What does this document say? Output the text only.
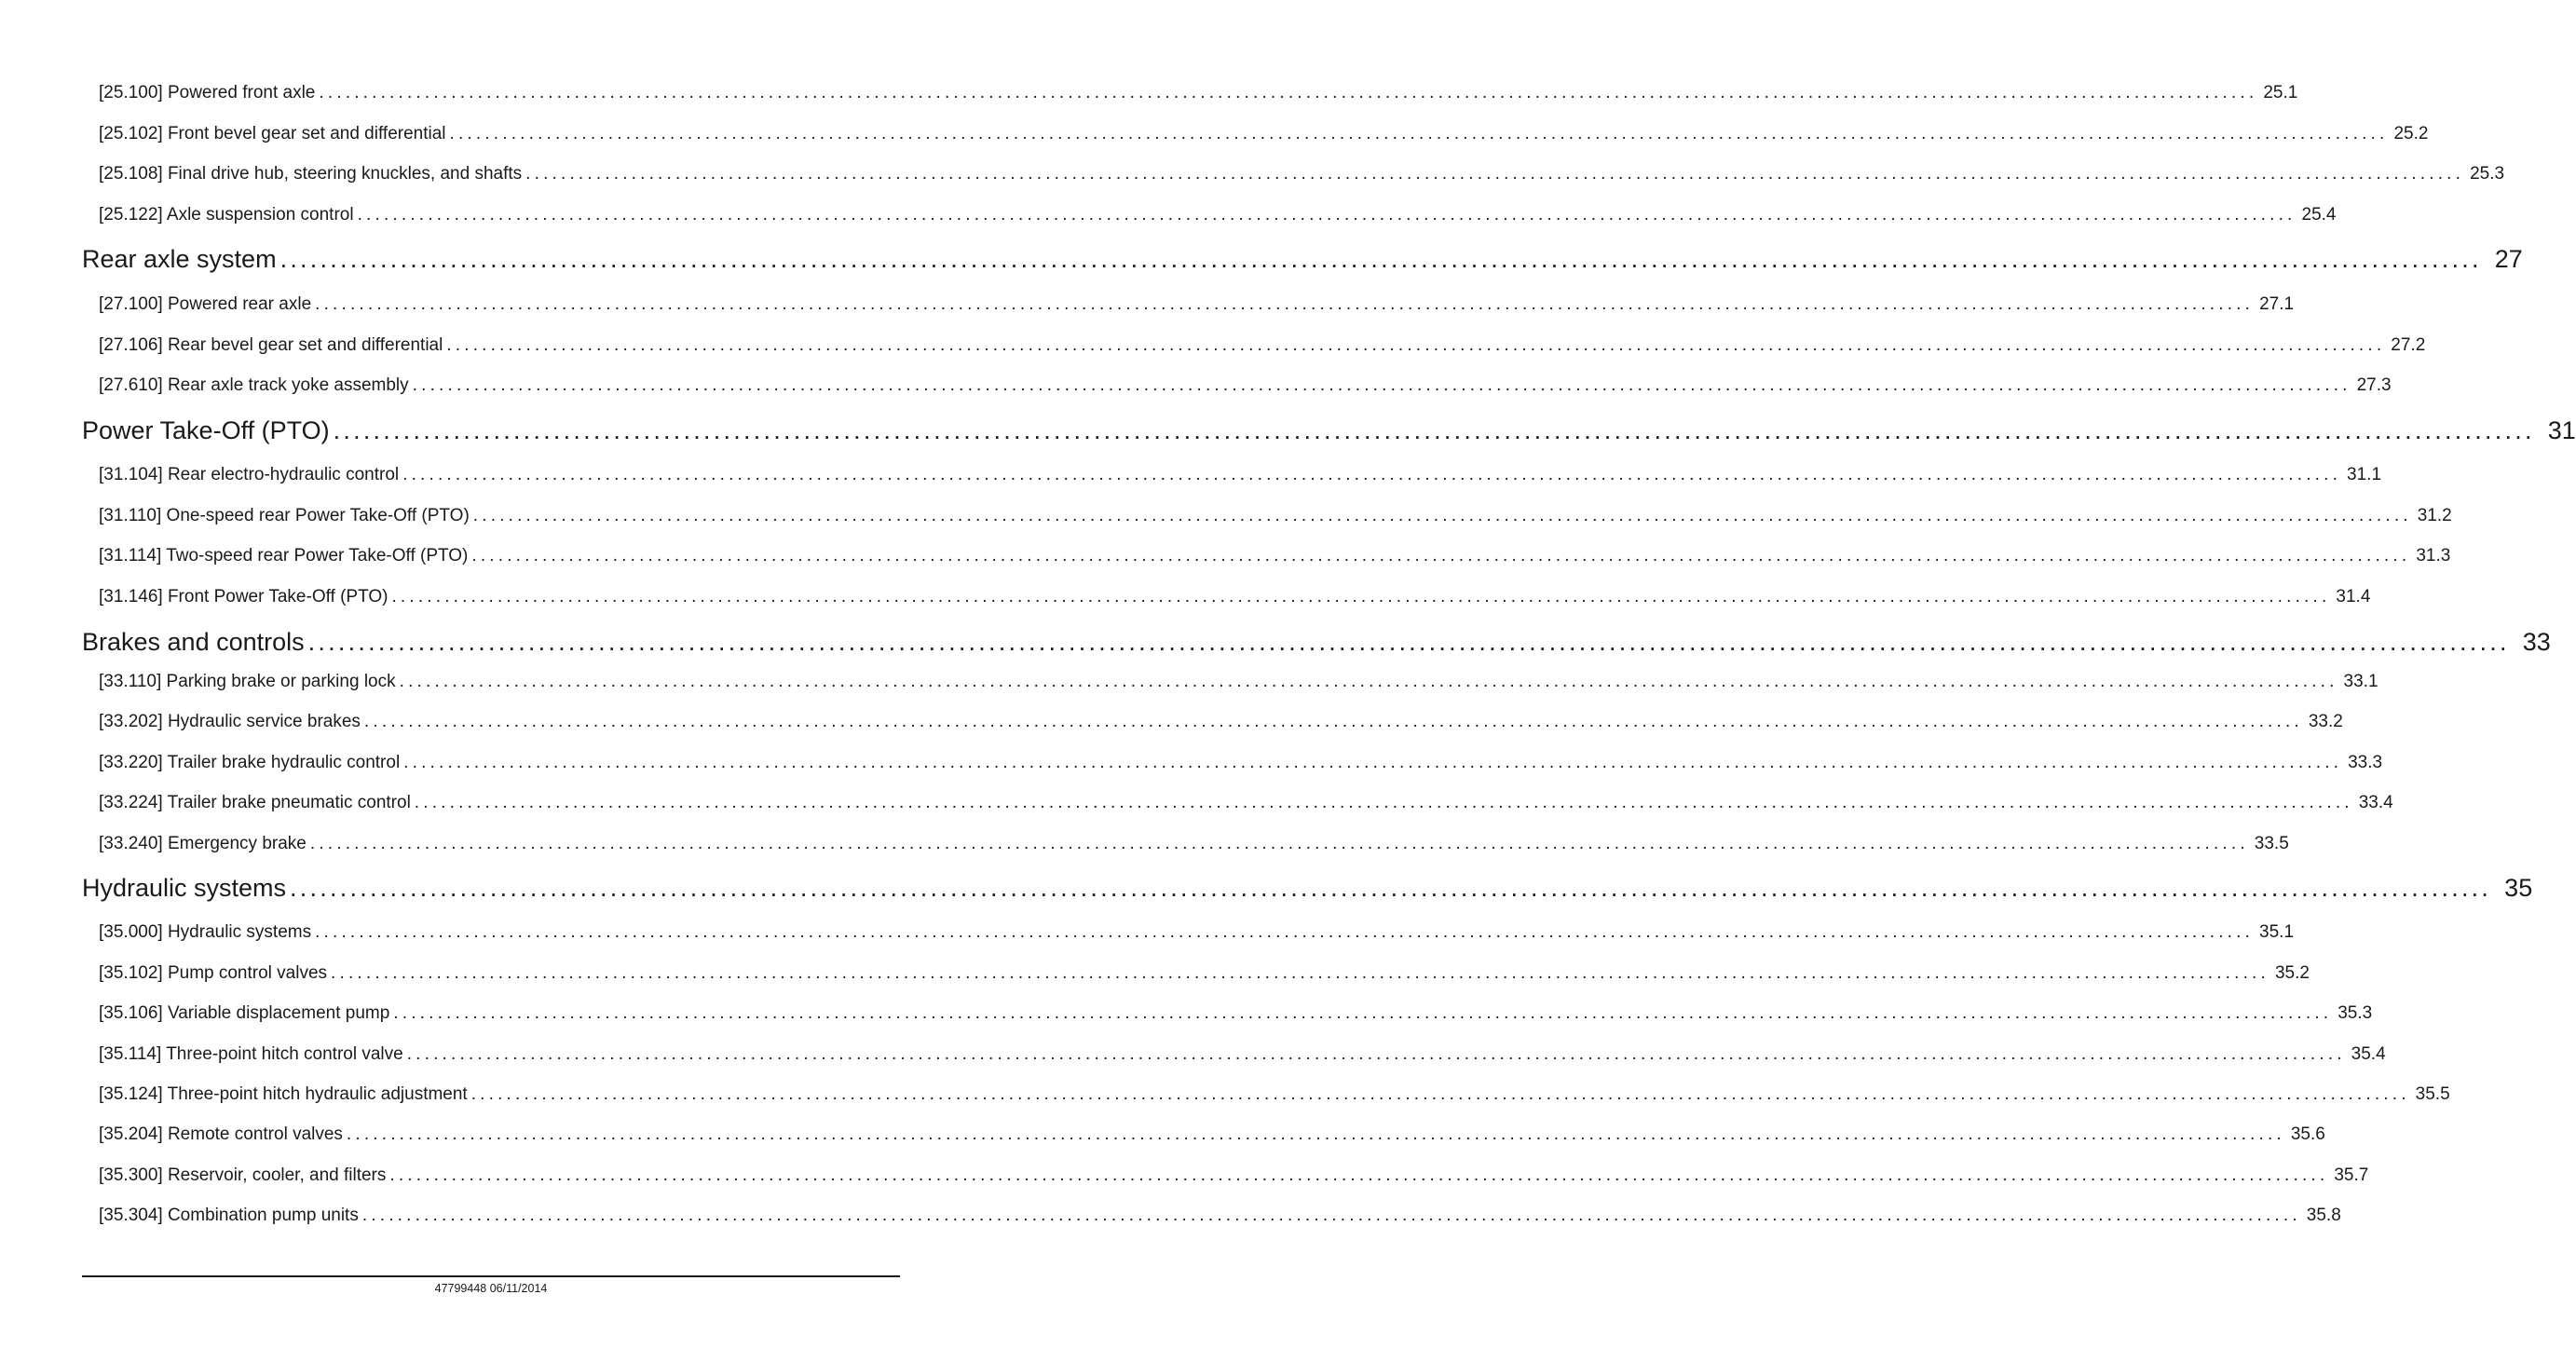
[25.100] Powered front axle ............................................................................................................................................................................................................................ 25.1
[25.102] Front bevel gear set and differential ............................................................................................................................................................................................................................ 25.2
[25.108] Final drive hub, steering knuckles, and shafts ............................................................................................................................................................................................................................ 25.3
[25.122] Axle suspension control ............................................................................................................................................................................................................................ 25.4
Rear axle system ............................................................................................................................................................................................................................ 27
[27.100] Powered rear axle ............................................................................................................................................................................................................................ 27.1
[27.106] Rear bevel gear set and differential ............................................................................................................................................................................................................................ 27.2
[27.610] Rear axle track yoke assembly ............................................................................................................................................................................................................................ 27.3
Power Take-Off (PTO) ............................................................................................................................................................................................................................ 31
[31.104] Rear electro-hydraulic control ............................................................................................................................................................................................................................ 31.1
[31.110] One-speed rear Power Take-Off (PTO) ............................................................................................................................................................................................................................ 31.2
[31.114] Two-speed rear Power Take-Off (PTO) ............................................................................................................................................................................................................................ 31.3
[31.146] Front Power Take-Off (PTO) ............................................................................................................................................................................................................................ 31.4
Brakes and controls ............................................................................................................................................................................................................................ 33
[33.110] Parking brake or parking lock ............................................................................................................................................................................................................................ 33.1
[33.202] Hydraulic service brakes ............................................................................................................................................................................................................................ 33.2
[33.220] Trailer brake hydraulic control ............................................................................................................................................................................................................................ 33.3
[33.224] Trailer brake pneumatic control ............................................................................................................................................................................................................................ 33.4
[33.240] Emergency brake ............................................................................................................................................................................................................................ 33.5
Hydraulic systems ............................................................................................................................................................................................................................ 35
[35.000] Hydraulic systems ............................................................................................................................................................................................................................ 35.1
[35.102] Pump control valves ............................................................................................................................................................................................................................ 35.2
[35.106] Variable displacement pump ............................................................................................................................................................................................................................ 35.3
[35.114] Three-point hitch control valve ............................................................................................................................................................................................................................ 35.4
[35.124] Three-point hitch hydraulic adjustment ............................................................................................................................................................................................................................ 35.5
[35.204] Remote control valves ............................................................................................................................................................................................................................ 35.6
[35.300] Reservoir, cooler, and filters ............................................................................................................................................................................................................................ 35.7
[35.304] Combination pump units ............................................................................................................................................................................................................................ 35.8
47799448 06/11/2014
